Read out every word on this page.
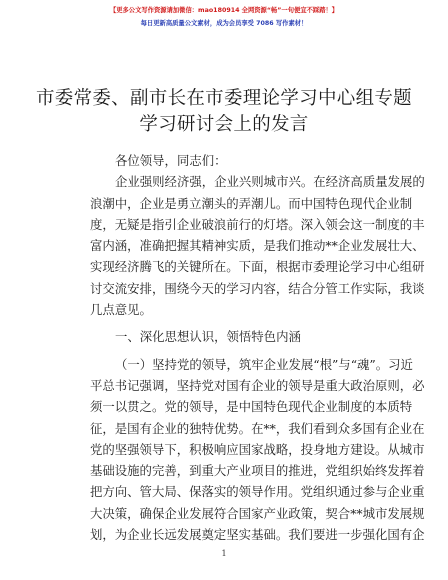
【更多公文写作资源请加微信：mao180914 全网资源“畅”一句便宜不踩踏！】
每日更新高质量公文素材，成为会员享受 7086 写作素材！
市委常委、副市长在市委理论学习中心组专题
学习研讨会上的发言
各位领导，同志们：
企业强则经济强，企业兴则城市兴。在经济高质量发展的
浪潮中，企业是勇立潮头的弄潮儿。而中国特色现代企业制
度，无疑是指引企业破浪前行的灯塔。深入领会这一制度的丰
富内涵，准确把握其精神实质，是我们推动**企业发展壮大、
实现经济腾飞的关键所在。下面，根据市委理论学习中心组研
讨交流安排，围绕今天的学习内容，结合分管工作实际，我谈
几点意见。
一、深化思想认识，领悟特色内涵
（一）坚持党的领导，筑牢企业发展“根”与“魂”。习近
平总书记强调，坚持党对国有企业的领导是重大政治原则，必
须一以贯之。党的领导，是中国特色现代企业制度的本质特
征，是国有企业的独特优势。在**，我们看到众多国有企业在
党的坚强领导下，积极响应国家战略，投身地方建设。从城市
基础设施的完善，到重大产业项目的推进，党组织始终发挥着
把方向、管大局、保落实的领导作用。党组织通过参与企业重
大决策，确保企业发展符合国家产业政策，契合**城市发展规
划，为企业长远发展奠定坚实基础。我们要进一步强化国有企
1
